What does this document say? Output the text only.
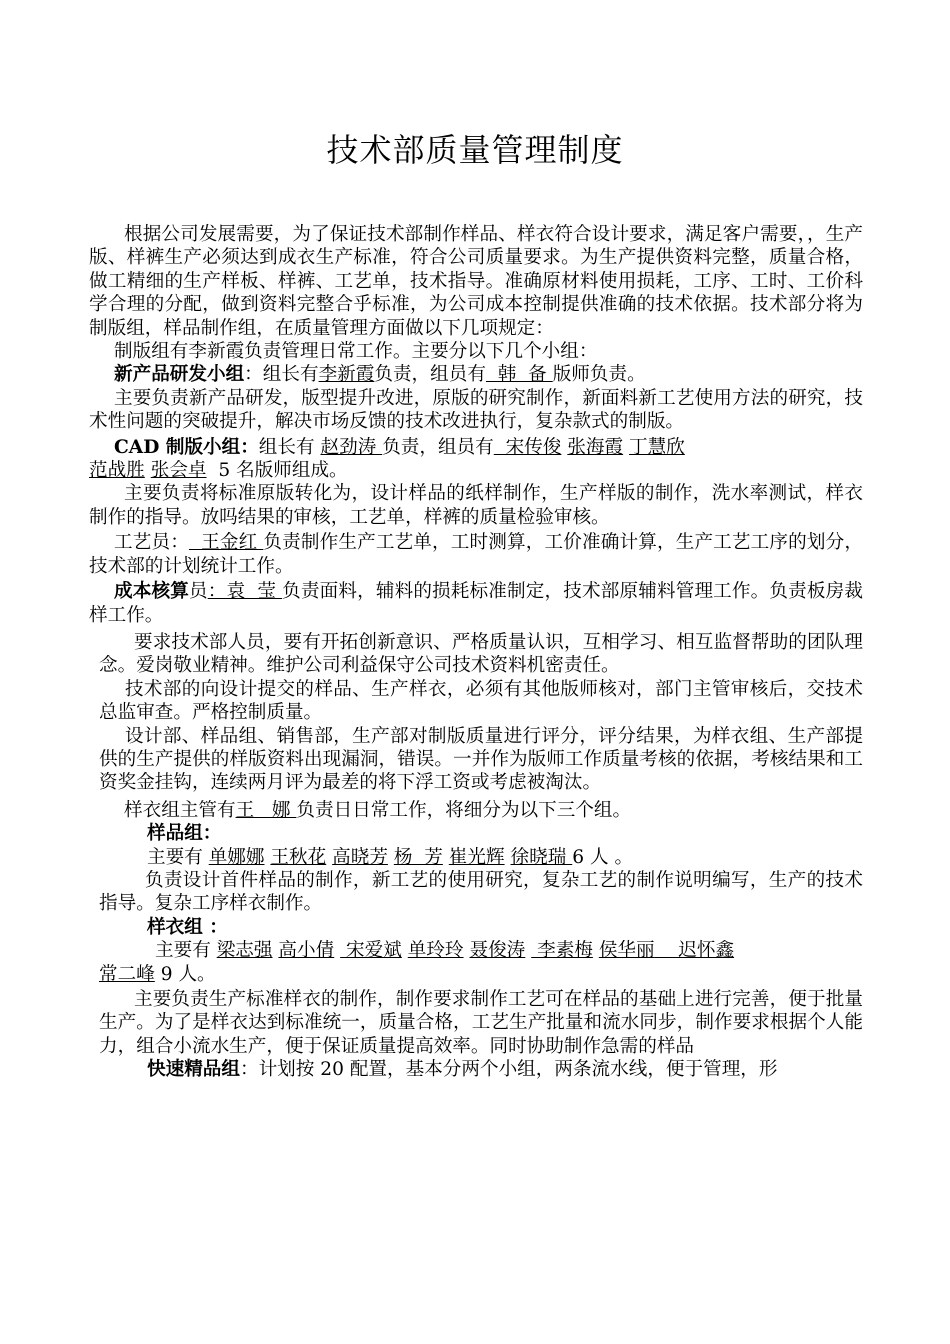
技术部质量管理制度

根据公司发展需要，为了保证技术部制作样品、样衣符合设计要求，满足客户需要，，生产版、样裤生产必须达到成衣生产标准，符合公司质量要求。为生产提供资料完整，质量合格，做工精细的生产样板、样裤、工艺单，技术指导。准确原材料使用损耗，工序、工时、工价科学合理的分配，做到资料完整合乎标准，为公司成本控制提供准确的技术依据。技术部分将为制版组，样品制作组，在质量管理方面做以下几项规定：

制版组有李新霞负责管理日常工作。主要分以下几个小组：

新产品研发小组：组长有李新霞负责，组员有  韩  备 版师负责。

主要负责新产品研发，版型提升改进，原版的研究制作，新面料新工艺使用方法的研究，技术性问题的突破提升，解决市场反馈的技术改进执行，复杂款式的制版。

CAD 制版小组：组长有 赵劲涛 负责，组员有  宋传俊 张海霞 丁慧欣
范战胜 张会卓  5 名版师组成。

主要负责将标准原版转化为，设计样品的纸样制作，生产样版的制作，洗水率测试，样衣制作的指导。放吗结果的审核，工艺单，样裤的质量检验审核。

工艺员：  王金红 负责制作生产工艺单，工时测算，工价准确计算，生产工艺工序的划分，技术部的计划统计工作。

成本核算员：袁  莹 负责面料，辅料的损耗标准制定，技术部原辅料管理工作。负责板房裁样工作。

要求技术部人员，要有开拓创新意识、严格质量认识，互相学习、相互监督帮助的团队理念。爱岗敬业精神。维护公司利益保守公司技术资料机密责任。

技术部的向设计提交的样品、生产样衣，必须有其他版师核对，部门主管审核后，交技术总监审查。严格控制质量。

设计部、样品组、销售部，生产部对制版质量进行评分，评分结果，为样衣组、生产部提供的生产提供的样版资料出现漏洞，错误。一并作为版师工作质量考核的依据，考核结果和工资奖金挂钩，连续两月评为最差的将下浮工资或考虑被淘汰。

样衣组主管有王   娜 负责日日常工作，将细分为以下三个组。

样品组：

主要有 单娜娜 王秋花 高晓芳 杨  芳 崔光辉 徐晓瑞 6 人 。

负责设计首件样品的制作，新工艺的使用研究，复杂工艺的制作说明编写，生产的技术指导。复杂工序样衣制作。

样衣组 ：

主要有 梁志强 高小倩  宋爱斌 单玲玲 聂俊涛  李素梅 侯华丽    迟怀鑫
常二峰 9 人。

主要负责生产标准样衣的制作，制作要求制作工艺可在样品的基础上进行完善，便于批量生产。为了是样衣达到标准统一，质量合格，工艺生产批量和流水同步，制作要求根据个人能力，组合小流水生产，便于保证质量提高效率。同时协助制作急需的样品

快速精品组：计划按 20 配置，基本分两个小组，两条流水线，便于管理，形
